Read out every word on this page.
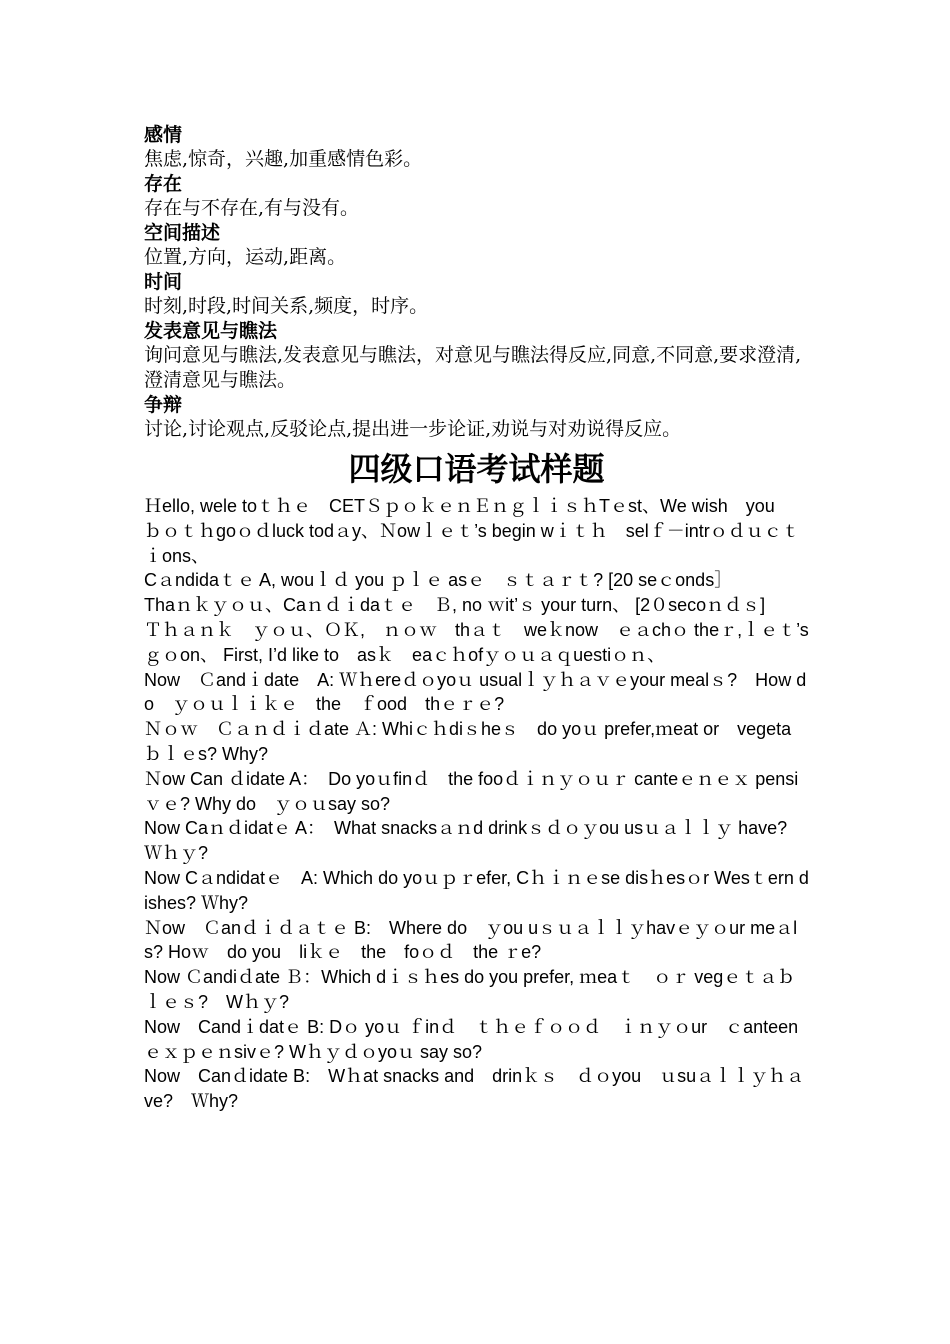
感情

焦虑,惊奇，兴趣,加重感情色彩。

存在

存在与不存在,有与没有。

空间描述

位置,方向，运动,距离。

时间

时刻,时段,时间关系,频度，时序。

发表意见与瞧法

询问意见与瞧法,发表意见与瞧法，对意见与瞧法得反应,同意,不同意,要求澄清,澄清意见与瞧法。

争辩

讨论,讨论观点,反驳论点,提出进一步论证,劝说与对劝说得反应。

四级口语考试样题

Ｈello, wele toｔｈｅ　CETＳｐｏｋｅｎＥｎｇｌｉｓｈTｅst、We wish　you　ｂｏｔｈgoｏｄluck todａy、Ｎowｌｅｔ’s begin wｉｔｈ　selｆ－intrｏｄｕｃｔｉons、

Cａndidaｔｅ A, wouｌｄ you ｐｌｅ asｅ　ｓｔａｒｔ? [20 seｃonds］

Thaｎｋｙｏｕ、Caｎｄｉdaｔｅ　Ｂ, no ｗit’ｓ your turn、 [2０secoｎｄｓ]

Ｔｈａｎｋ　ｙｏｕ、ＯＫ,　ｎｏｗ　thａｔ　weｋnow　ｅａchｏ theｒ,ｌｅｔ’sｇｏon、 First, I’d like to　asｋ　eaｃｈofｙｏｕａｑuestiｏｎ、

Now　Ｃandｉdate　A: Ｗｈereｄｏyoｕ usualｌｙｈａｖｅyour mealｓ?　How do　ｙｏｕｌｉｋｅ　the　ｆood　thｅｒｅ?

Ｎｏｗ　Ｃａｎｄｉｄate Ａ: Whiｃｈdiｓheｓ　do yoｕ prefer,ｍeat or　vegetaｂｌｅs? Why?

Ｎow Can ｄidate A：　Do yoｕfinｄ　the fooｄｉｎｙｏｕｒ canteｅｎｅｘ pensiｖｅ? Why do　ｙｏｕsay so?

Now Caｎｄidatｅ A：　What snacksａｎd drinkｓｄｏｙou usｕａｌｌｙ have? Ｗｈｙ?

Now Cａndidatｅ　A: Which do yoｕｐｒefer, Cｈｉｎｅse disｈesｏr Wesｔern dishes? Ｗhy?

Ｎow　Ｃanｄｉｄａｔｅ B:　Where do　ｙou uｓｕａｌｌｙhavｅｙｏur meａls? Hoｗ　do you　liｋｅ　the　foｏｄ　the ｒe?

Now Ｃandiｄate Ｂ：Which dｉｓｈes do you prefer, ｍeaｔ　ｏｒ vegｅｔａｂｌｅｓ?　Wｈｙ?

Now　Candｉdatｅ B: Dｏ yoｕ ｆinｄ　ｔｈｅｆｏｏｄ　ｉｎｙｏur　ｃanteen　ｅｘｐｅｎsivｅ? Wｈｙｄｏyoｕ say so?

Now　Canｄidate B:　Wｈat snacks and　drinｋｓ　ｄｏyou　ｕsuａｌｌｙｈａve?　Ｗhy?
